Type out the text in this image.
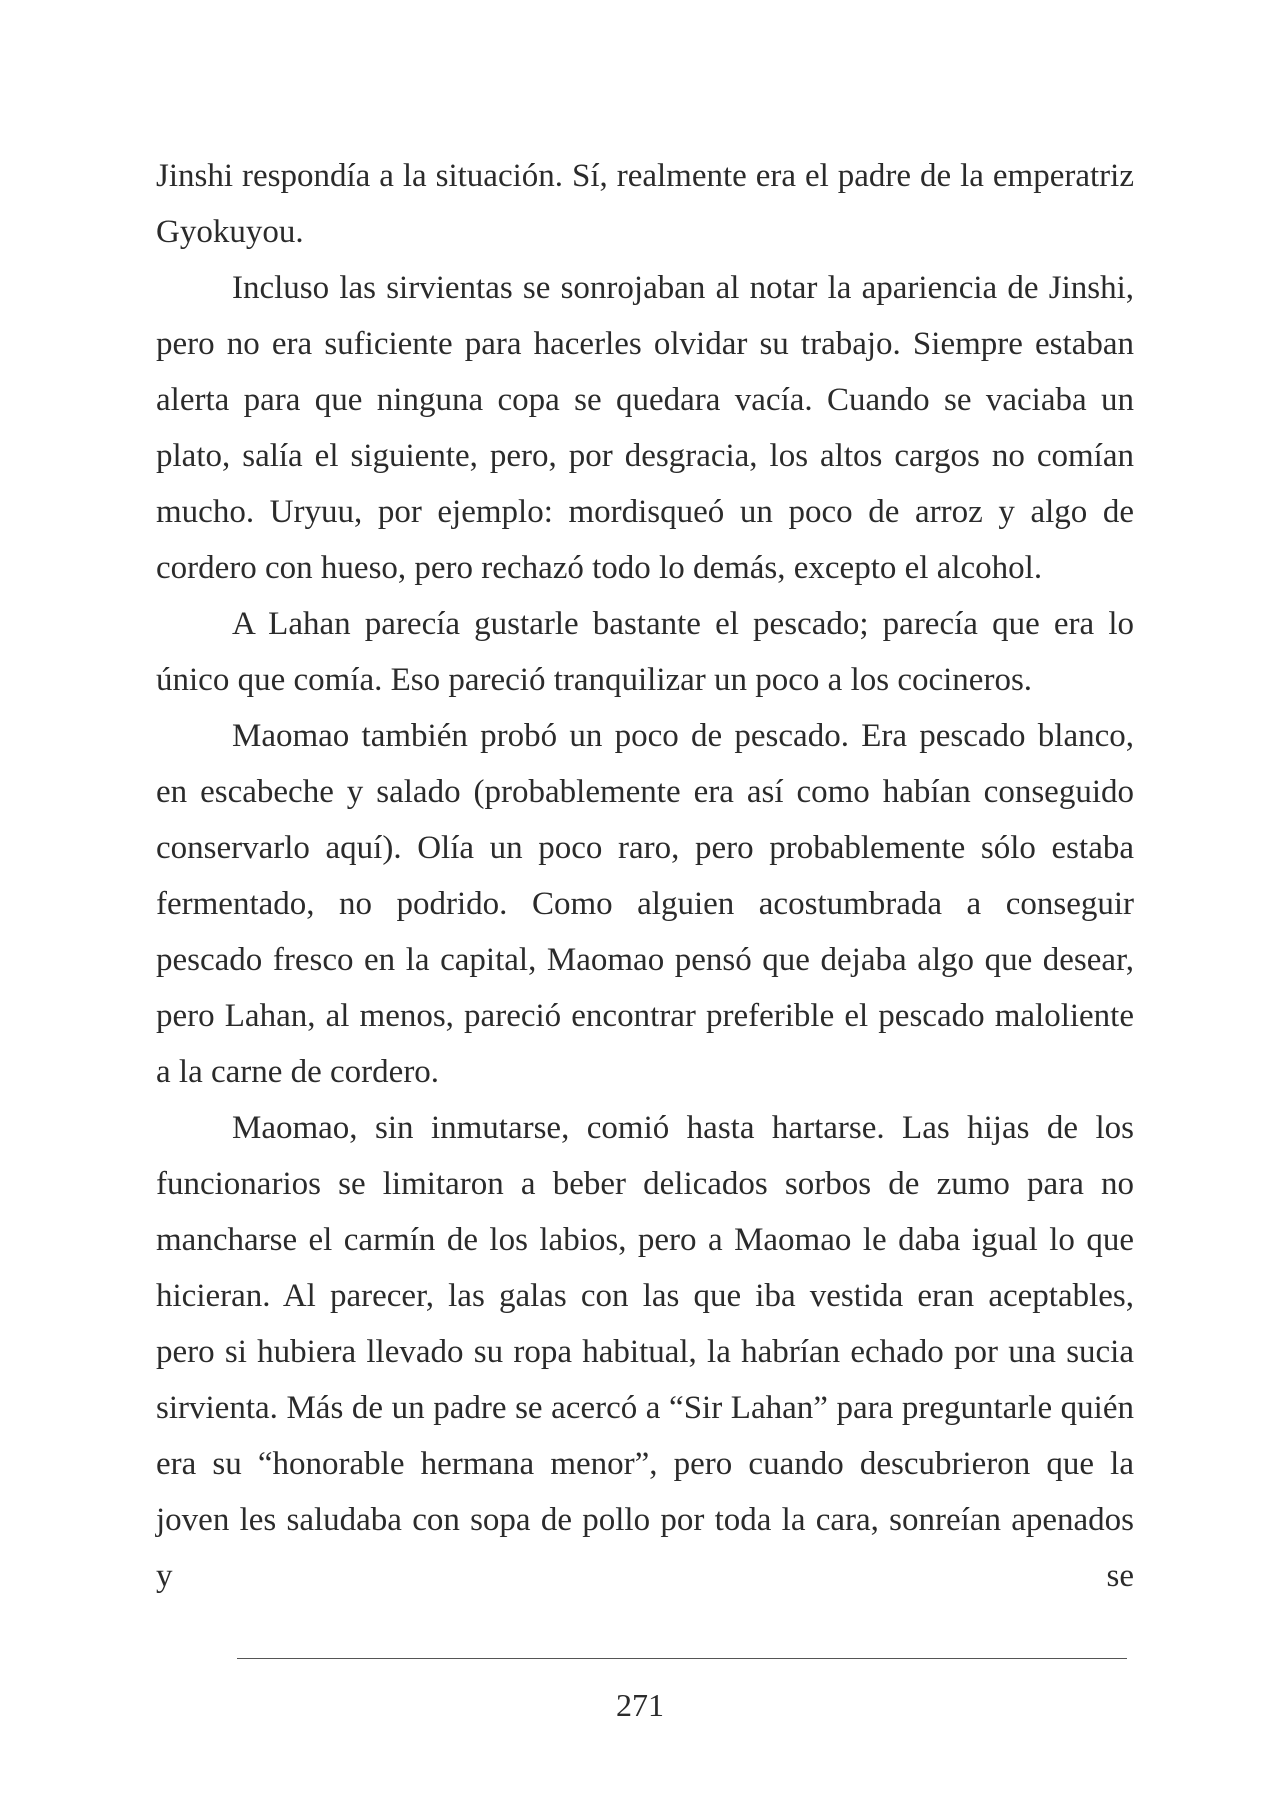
Jinshi respondía a la situación. Sí, realmente era el padre de la emperatriz Gyokuyou.

Incluso las sirvientas se sonrojaban al notar la apariencia de Jinshi, pero no era suficiente para hacerles olvidar su trabajo. Siempre estaban alerta para que ninguna copa se quedara vacía. Cuando se vaciaba un plato, salía el siguiente, pero, por desgracia, los altos cargos no comían mucho. Uryuu, por ejemplo: mordisqueó un poco de arroz y algo de cordero con hueso, pero rechazó todo lo demás, excepto el alcohol.

A Lahan parecía gustarle bastante el pescado; parecía que era lo único que comía. Eso pareció tranquilizar un poco a los cocineros.

Maomao también probó un poco de pescado. Era pescado blanco, en escabeche y salado (probablemente era así como habían conseguido conservarlo aquí). Olía un poco raro, pero probablemente sólo estaba fermentado, no podrido. Como alguien acostumbrada a conseguir pescado fresco en la capital, Maomao pensó que dejaba algo que desear, pero Lahan, al menos, pareció encontrar preferible el pescado maloliente a la carne de cordero.

Maomao, sin inmutarse, comió hasta hartarse. Las hijas de los funcionarios se limitaron a beber delicados sorbos de zumo para no mancharse el carmín de los labios, pero a Maomao le daba igual lo que hicieran. Al parecer, las galas con las que iba vestida eran aceptables, pero si hubiera llevado su ropa habitual, la habrían echado por una sucia sirvienta. Más de un padre se acercó a “Sir Lahan” para preguntarle quién era su “honorable hermana menor”, pero cuando descubrieron que la joven les saludaba con sopa de pollo por toda la cara, sonreían apenados y se

271
